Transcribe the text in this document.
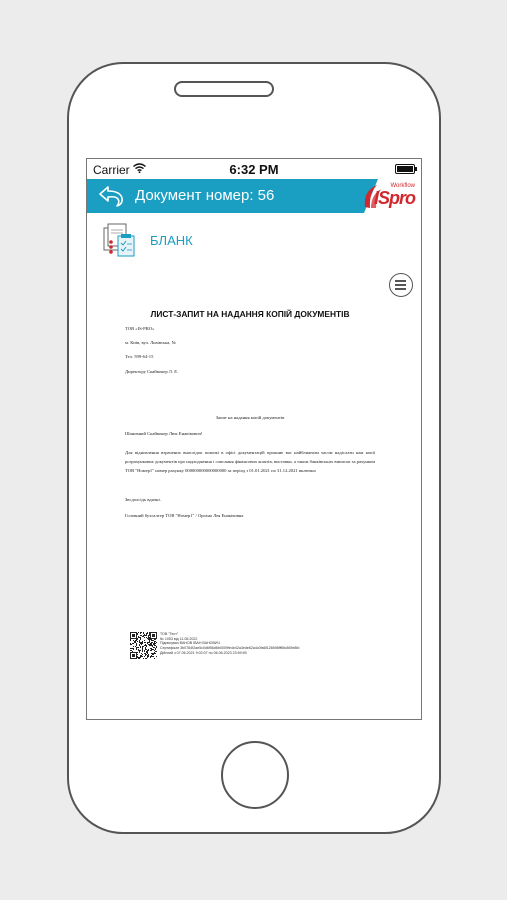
Carrier	6:32 PM
Документ номер: 56
Workflow
ISpro
БЛАНК
ЛИСТ-ЗАПИТ НА НАДАННЯ КОПІЙ ДОКУМЕНТІВ

ТОВ «IS-PRO»

м. Київ, вул. Львівська, №

Тел. 599-64-15

Директору Скайвокер Л. Е.

Запит на надання копій документів

Шановний Скайвокер Люк Енаківович!

Для відновлення втрачених внаслідок пожежі в офісі документацій прошню вас найближчим часом надіслати нам копії розрахункових документів про надходження і списання фінансових коштів, виставки, а також банківських виписок за рахунком ТОВ "Номер1" номер рахунку 000000000000000000 за період з 01.01.2021 по 31.12.2021 включно

Звсдолсідь вдячні.

Головний бухгалтер ТОВ "Номер1" / Органа Лея Енаківовна

ТОВ "Тест"
№ 1053 від 11.08.2022
Підписувач ВАНОВ ІВАН ВАНОВИЧ
Сертифікат 3b0784f2ae5c0d6f56d6b0009fe4e42a3ede62a4c0fa6f126698fff6fc869e8fd
Дійсний з 07.06.2021 9:02:07 по 06.06.2023 23:59:59
